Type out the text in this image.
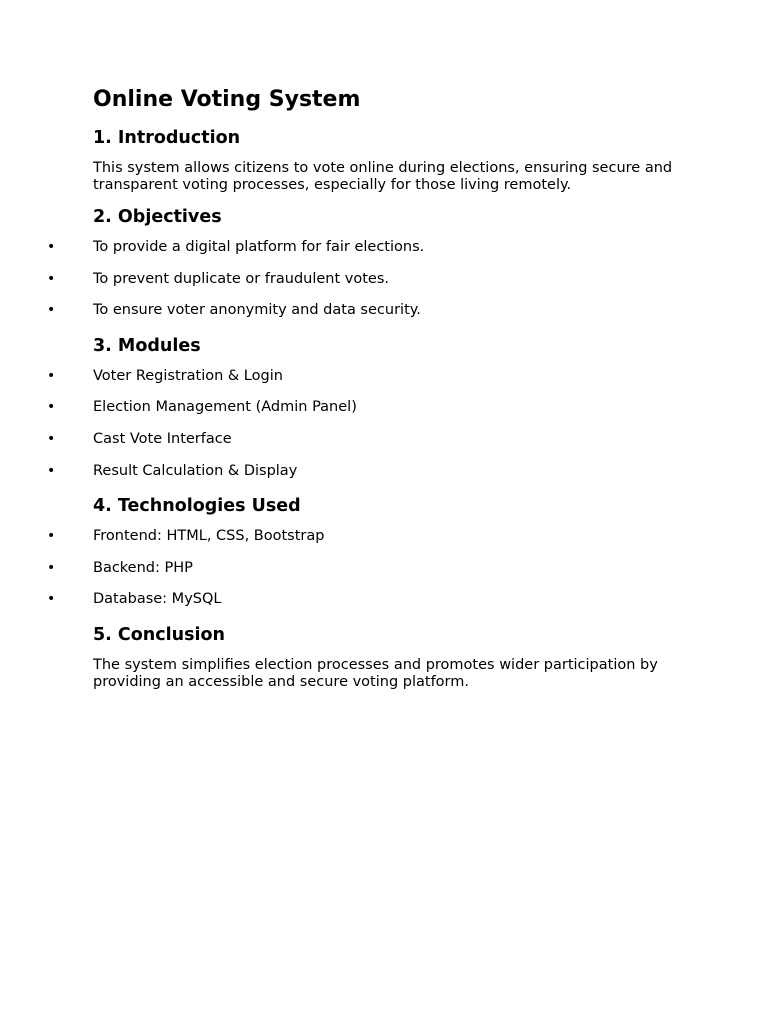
Online Voting System
1. Introduction

This system allows citizens to vote online during elections, ensuring secure and transparent voting processes, especially for those living remotely.

2. Objectives
•	To provide a digital platform for fair elections.
•	To prevent duplicate or fraudulent votes.
•	To ensure voter anonymity and data security.
3. Modules
•	Voter Registration & Login
•	Election Management (Admin Panel)
•	Cast Vote Interface
•	Result Calculation & Display
4. Technologies Used
•	Frontend: HTML, CSS, Bootstrap
•	Backend: PHP
•	Database: MySQL
5. Conclusion

The system simplifies election processes and promotes wider participation by providing an accessible and secure voting platform.
